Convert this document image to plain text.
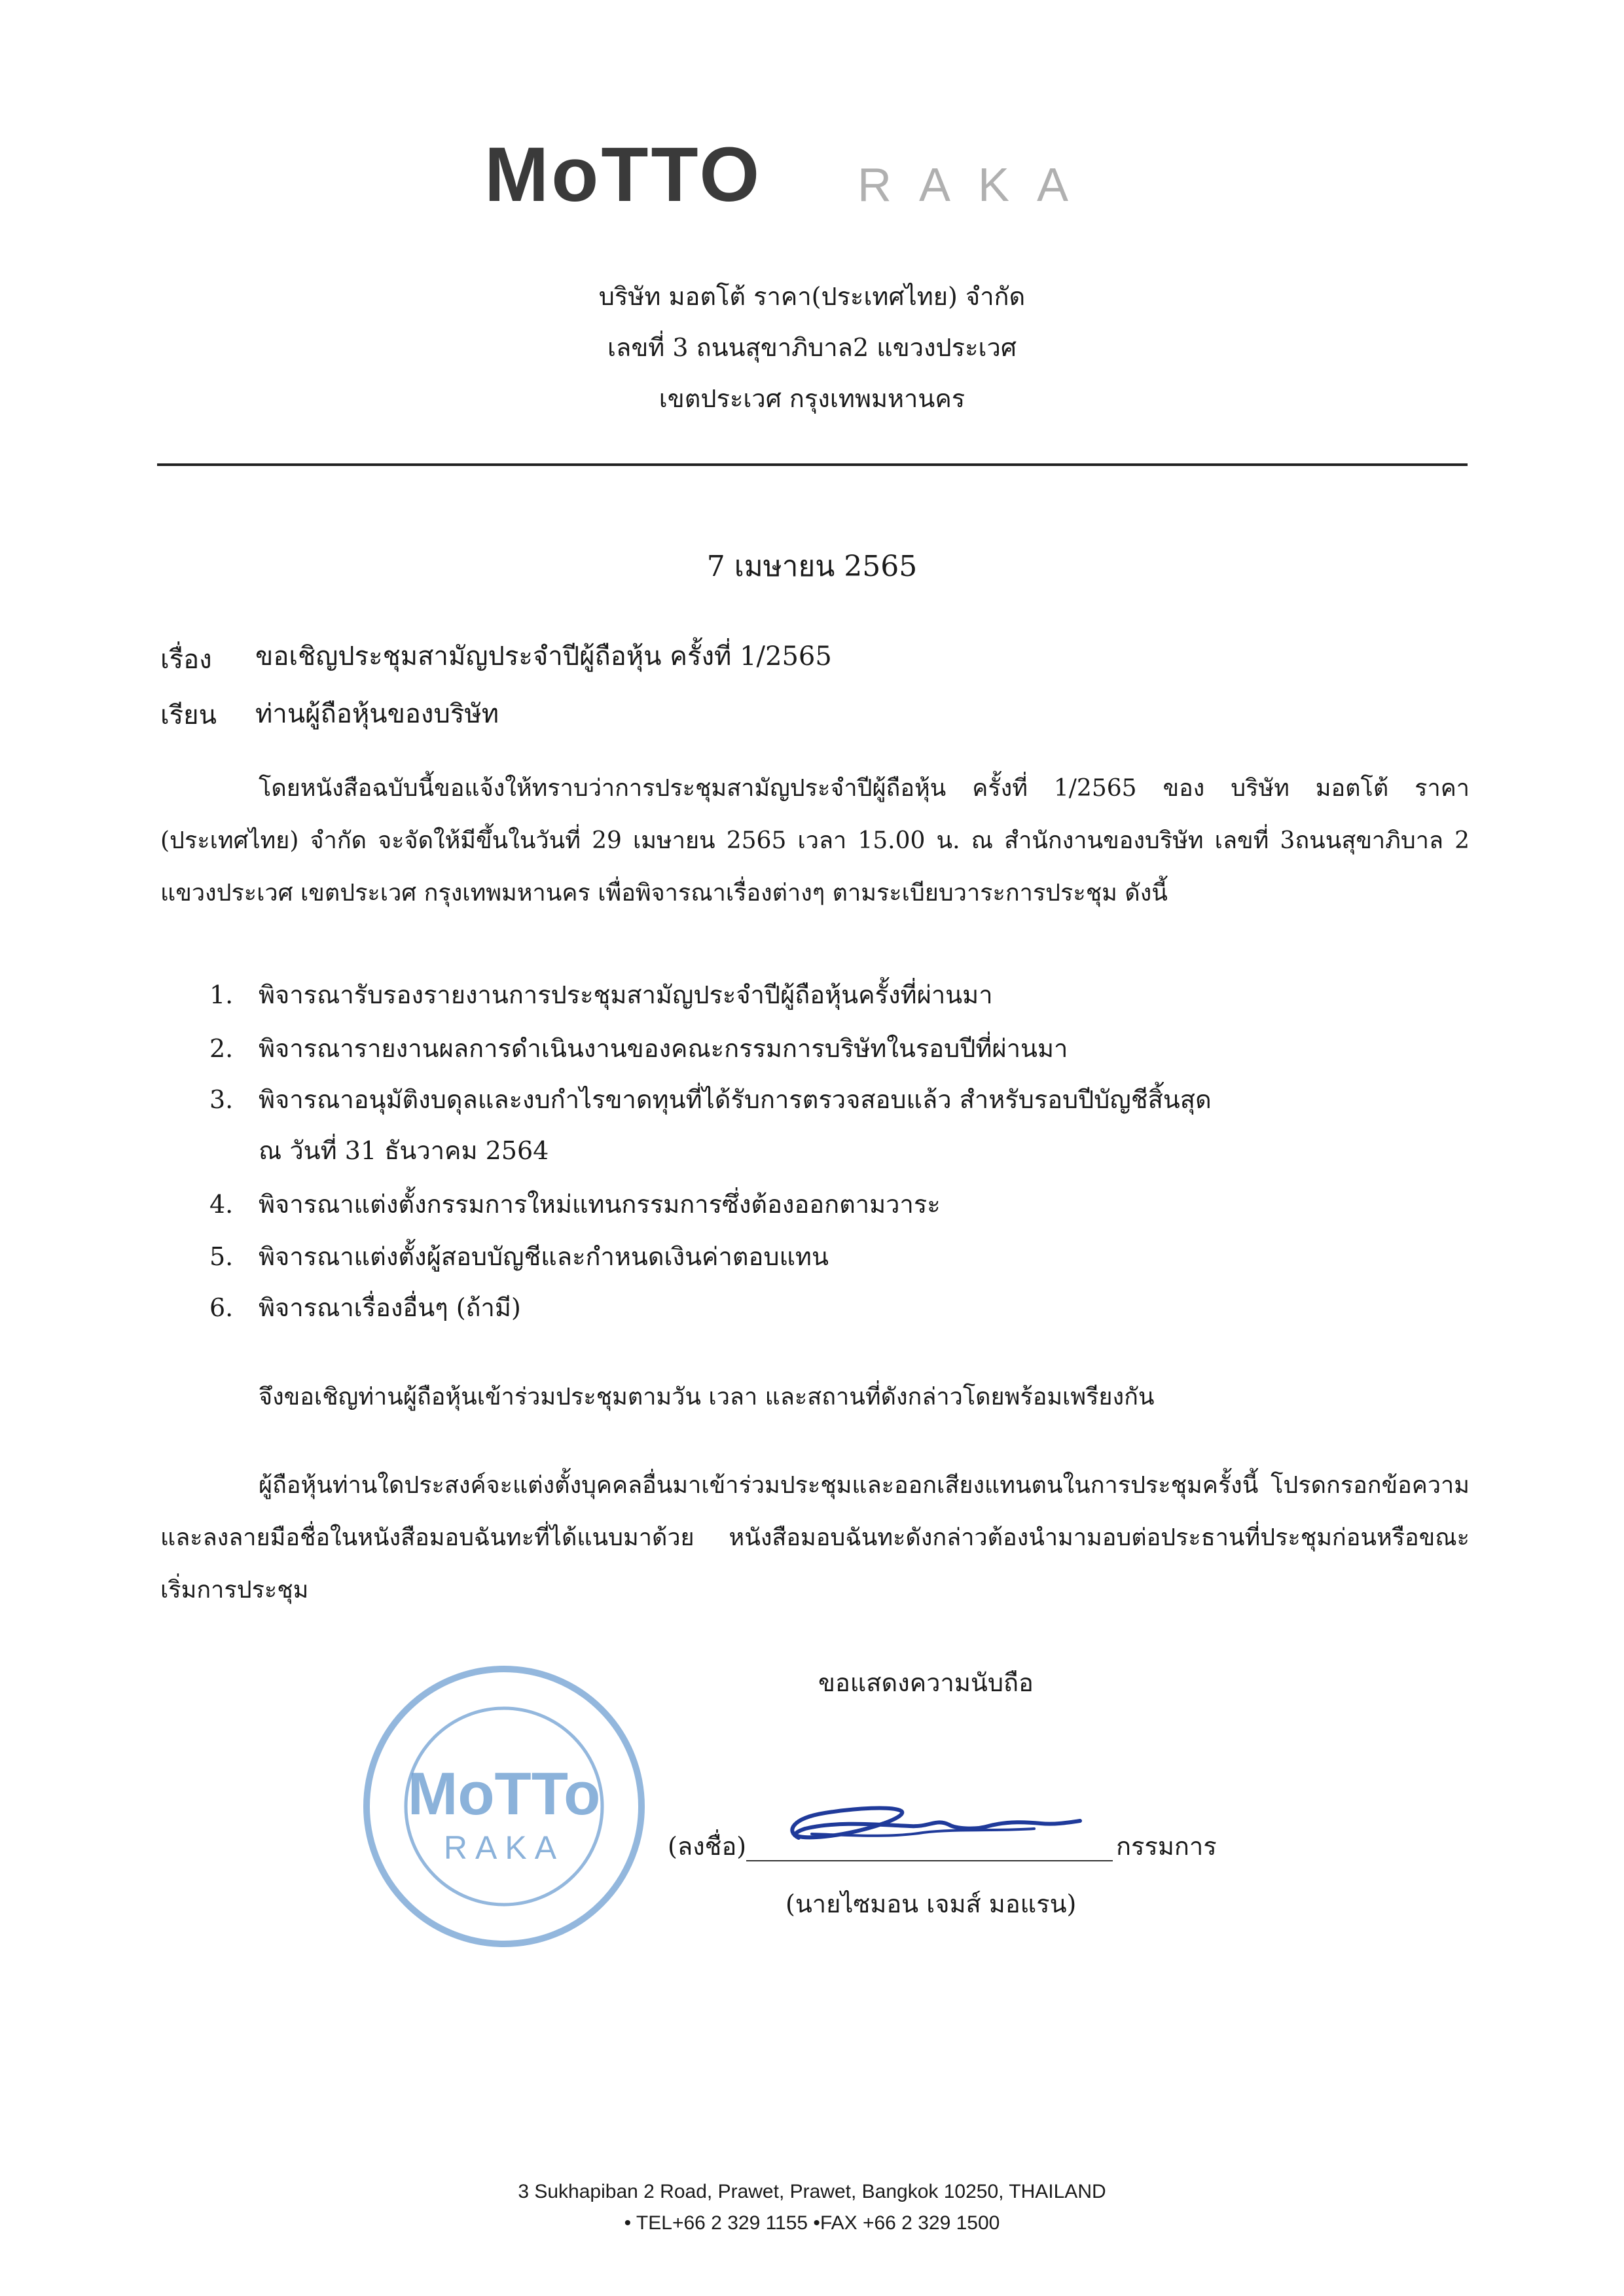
MoTTO RAKA
บริษัท มอตโต้ ราคา(ประเทศไทย) จำกัด
เลขที่ 3 ถนนสุขาภิบาล2 แขวงประเวศ
เขตประเวศ กรุงเทพมหานคร
7 เมษายน 2565
เรื่อง ขอเชิญประชุมสามัญประจำปีผู้ถือหุ้น ครั้งที่ 1/2565
เรียน ท่านผู้ถือหุ้นของบริษัท
โดยหนังสือฉบับนี้ขอแจ้งให้ทราบว่าการประชุมสามัญประจำปีผู้ถือหุ้น ครั้งที่ 1/2565 ของ บริษัท มอตโต้ ราคา (ประเทศไทย) จำกัด จะจัดให้มีขึ้นในวันที่ 29 เมษายน 2565 เวลา 15.00 น. ณ สำนักงานของบริษัท เลขที่ 3ถนนสุขาภิบาล 2 แขวงประเวศ เขตประเวศ กรุงเทพมหานคร เพื่อพิจารณาเรื่องต่างๆ ตามระเบียบวาระการประชุม ดังนี้
1. พิจารณารับรองรายงานการประชุมสามัญประจำปีผู้ถือหุ้นครั้งที่ผ่านมา
2. พิจารณารายงานผลการดำเนินงานของคณะกรรมการบริษัทในรอบปีที่ผ่านมา
3. พิจารณาอนุมัติงบดุลและงบกำไรขาดทุนที่ได้รับการตรวจสอบแล้ว สำหรับรอบปีบัญชีสิ้นสุด
ณ วันที่ 31 ธันวาคม 2564
4. พิจารณาแต่งตั้งกรรมการใหม่แทนกรรมการซึ่งต้องออกตามวาระ
5. พิจารณาแต่งตั้งผู้สอบบัญชีและกำหนดเงินค่าตอบแทน
6. พิจารณาเรื่องอื่นๆ (ถ้ามี)
จึงขอเชิญท่านผู้ถือหุ้นเข้าร่วมประชุมตามวัน เวลา และสถานที่ดังกล่าวโดยพร้อมเพรียงกัน
ผู้ถือหุ้นท่านใดประสงค์จะแต่งตั้งบุคคลอื่นมาเข้าร่วมประชุมและออกเสียงแทนตนในการประชุมครั้งนี้ โปรดกรอกข้อความและลงลายมือชื่อในหนังสือมอบฉันทะที่ได้แนบมาด้วย หนังสือมอบฉันทะดังกล่าวต้องนำมามอบต่อประธานที่ประชุมก่อนหรือขณะเริ่มการประชุม
ขอแสดงความนับถือ
MoTTo
RAKA	(ลงชื่อ)	กรรมการ
(นายไซมอน เจมส์ มอแรน)
3 Sukhapiban 2 Road, Prawet, Prawet, Bangkok 10250, THAILAND
• TEL+66 2 329 1155 •FAX +66 2 329 1500
